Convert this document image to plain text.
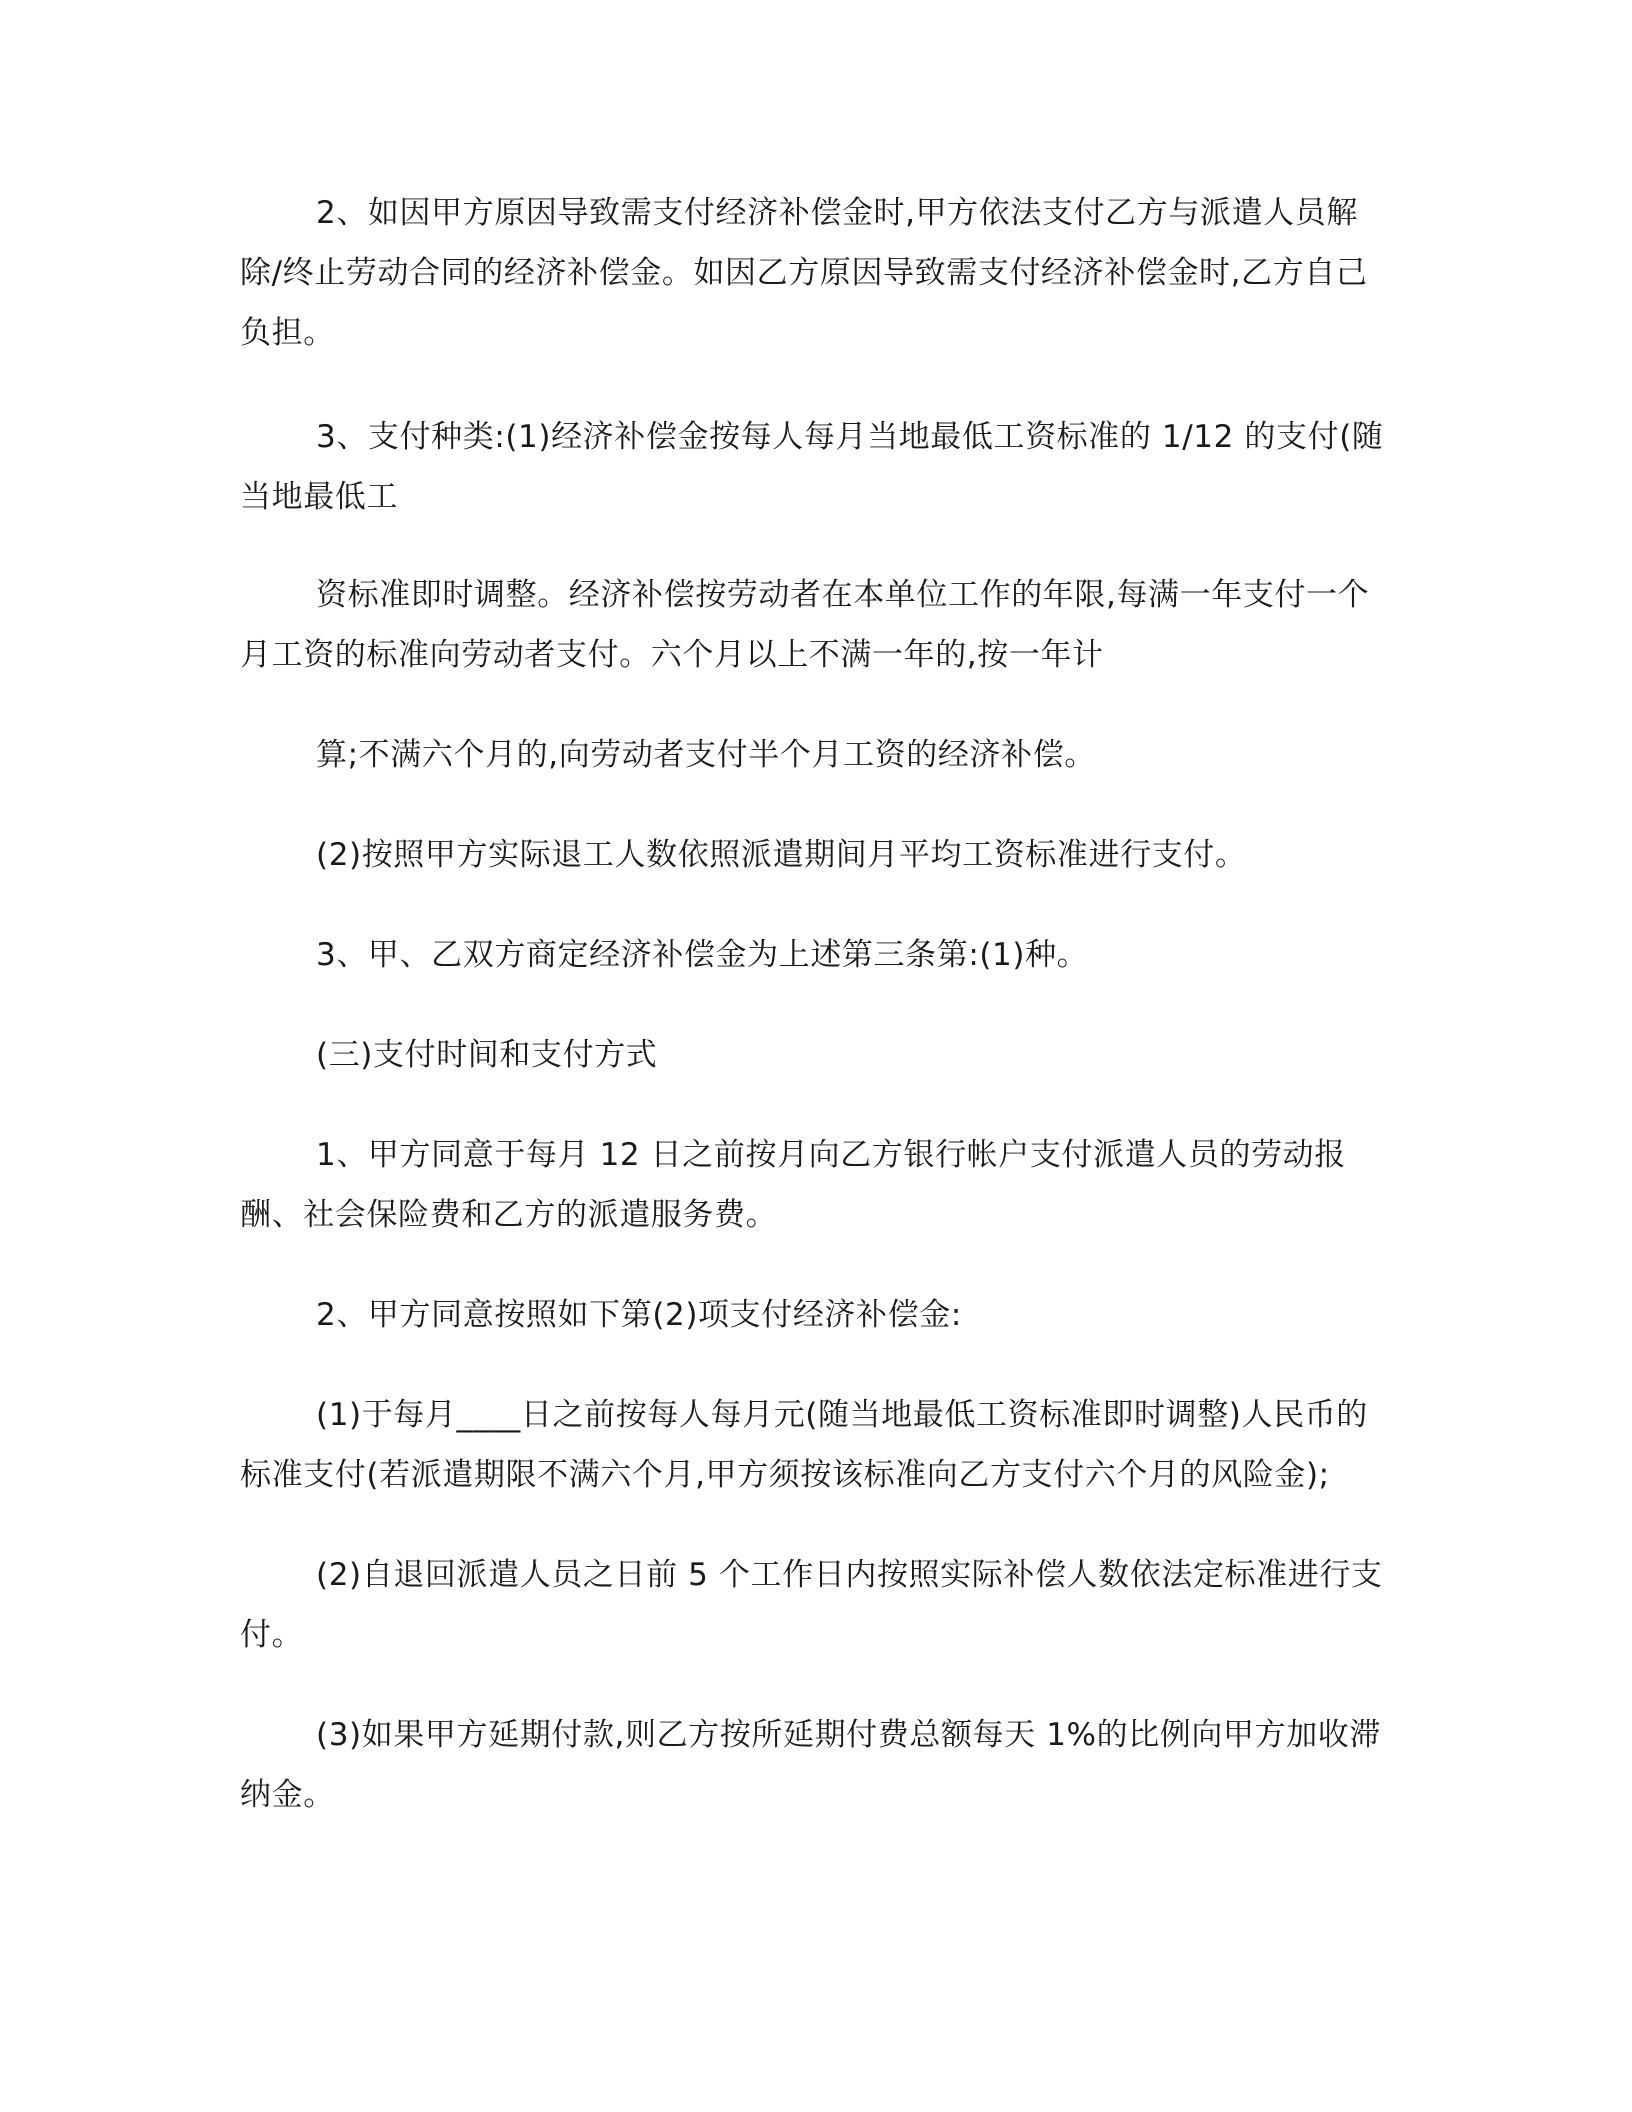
2、如因甲方原因导致需支付经济补偿金时,甲方依法支付乙方与派遣人员解
除/终止劳动合同的经济补偿金。如因乙方原因导致需支付经济补偿金时,乙方自己
负担。
3、支付种类:(1)经济补偿金按每人每月当地最低工资标准的 1/12 的支付(随
当地最低工
资标准即时调整。经济补偿按劳动者在本单位工作的年限,每满一年支付一个
月工资的标准向劳动者支付。六个月以上不满一年的,按一年计
算;不满六个月的,向劳动者支付半个月工资的经济补偿。
(2)按照甲方实际退工人数依照派遣期间月平均工资标准进行支付。
3、甲、乙双方商定经济补偿金为上述第三条第:(1)种。
(三)支付时间和支付方式
1、甲方同意于每月 12 日之前按月向乙方银行帐户支付派遣人员的劳动报
酬、社会保险费和乙方的派遣服务费。
2、甲方同意按照如下第(2)项支付经济补偿金:
(1)于每月____日之前按每人每月元(随当地最低工资标准即时调整)人民币的
标准支付(若派遣期限不满六个月,甲方须按该标准向乙方支付六个月的风险金);
(2)自退回派遣人员之日前 5 个工作日内按照实际补偿人数依法定标准进行支
付。
(3)如果甲方延期付款,则乙方按所延期付费总额每天 1%的比例向甲方加收滞
纳金。
